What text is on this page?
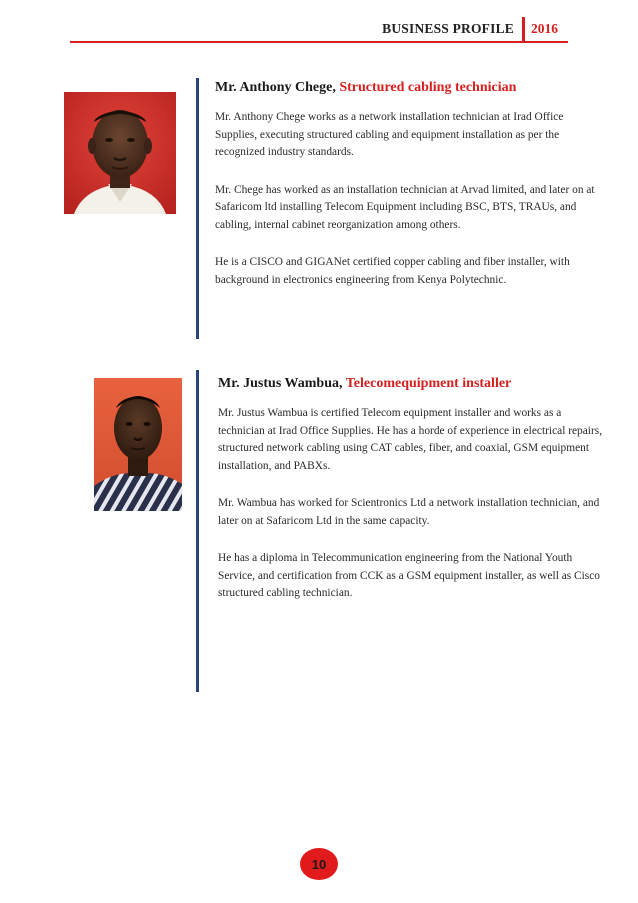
BUSINESS PROFILE 2016

Mr. Anthony Chege, Structured cabling technician

Mr. Anthony Chege works as a network installation technician at Irad Office Supplies, executing structured cabling and equipment installation as per the recognized industry standards.

Mr. Chege has worked as an installation technician at Arvad limited, and later on at Safaricom ltd installing Telecom Equipment including BSC, BTS, TRAUs, and cabling, internal cabinet reorganization among others.

He is a CISCO and GIGANet certified copper cabling and fiber installer, with background in electronics engineering from Kenya Polytechnic.

Mr. Justus Wambua, Telecomequipment installer

Mr. Justus Wambua is certified Telecom equipment installer and works as a technician at Irad Office Supplies. He has a horde of experience in electrical repairs, structured network cabling using CAT cables, fiber, and coaxial, GSM equipment installation, and PABXs.

Mr. Wambua has worked for Scientronics Ltd a network installation technician, and later on at Safaricom Ltd in the same capacity.

He has a diploma in Telecommunication engineering from the National Youth Service, and certification from CCK as a GSM equipment installer, as well as Cisco structured cabling technician.

10
